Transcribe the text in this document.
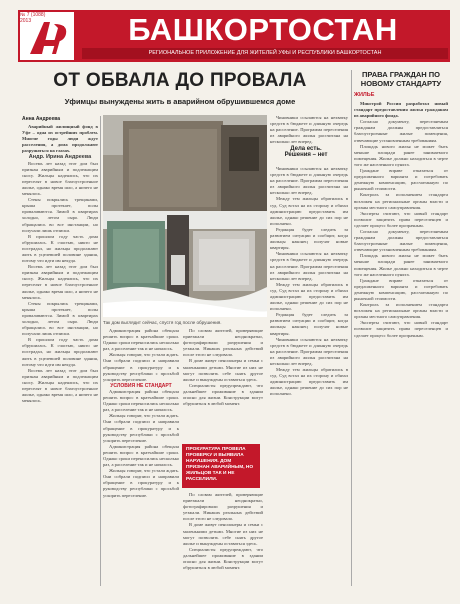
БАШКОРТОСТАН
РЕГИОНАЛЬНОЕ ПРИЛОЖЕНИЕ ДЛЯ ЖИТЕЛЕЙ УФЫ И РЕСПУБЛИКИ БАШКОРТОСТАН
№ 7 (1088)
2013
ОТ ОБВАЛА ДО ПРОВАЛА
Уфимцы вынуждены жить в аварийном обрушившемся доме
Анна Андреева

Аварийный жилищный фонд в Уфе – одна из острейших проблем. Многие годы люди ждут расселения, а дома продолжают разрушаться на глазах.

Андр. Ирина Андреева

Восемь лет назад этот дом был признан аварийным и подлежащим сносу. Жильцы надеялись, что их переселят в новое благоустроенное жилье, однако время шло, а ничего не менялось.

Стены покрылись трещинами, крыша протекает, полы проваливаются. Зимой в квартирах холодно, летом сыро. Люди обращались во все инстанции, но получали лишь отписки.

В прошлом году часть дома обрушилась. К счастью, никто не пострадал, но жильцы продолжают жить в уцелевшей половине здания, потому что идти им некуда.

Восемь лет назад этот дом был признан аварийным и подлежащим сносу. Жильцы надеялись, что их переселят в новое благоустроенное жилье, однако время шло, а ничего не менялось.

Стены покрылись трещинами, крыша протекает, полы проваливаются. Зимой в квартирах холодно, летом сыро. Люди обращались во все инстанции, но получали лишь отписки.

В прошлом году часть дома обрушилась. К счастью, никто не пострадал, но жильцы продолжают жить в уцелевшей половине здания, потому что идти им некуда.

Восемь лет назад этот дом был признан аварийным и подлежащим сносу. Жильцы надеялись, что их переселят в новое благоустроенное жилье, однако время шло, а ничего не менялось.

Так дом выглядит сейчас, спустя год после обрушения.

Администрация района обещала решить вопрос в кратчайшие сроки. Однако сроки переносились несколько раз, а расселение так и не началось.

Жильцы говорят, что устали ждать. Они собрали подписи и направили обращение в прокуратуру и к руководству республики с просьбой ускорить переселение.

УСЛОВИЯ НЕ СТАНДАРТ

Администрация района обещала решить вопрос в кратчайшие сроки. Однако сроки переносились несколько раз, а расселение так и не началось.

Жильцы говорят, что устали ждать. Они собрали подписи и направили обращение в прокуратуру и к руководству республики с просьбой ускорить переселение.

Администрация района обещала решить вопрос в кратчайшие сроки. Однако сроки переносились несколько раз, а расселение так и не началось.

Жильцы говорят, что устали ждать. Они собрали подписи и направили обращение в прокуратуру и к руководству республики с просьбой ускорить переселение.

По словам жителей, проверяющие приезжали неоднократно, фотографировали разрушения и уезжали. Никаких реальных действий после этого не следовало.

В доме живут пенсионеры и семьи с маленькими детьми. Многие из них не могут позволить себе снять другое жилье и вынуждены оставаться здесь.

Специалисты предупреждают, что дальнейшее проживание в здании опасно для жизни. Конструкции могут обрушиться в любой момент.

ПРОКУРАТУРА ПРОВЕЛА ПРОВЕРКУ И ВЫЯВИЛА НАРУШЕНИЯ. ДОМ ПРИЗНАН АВАРИЙНЫМ, НО ЖИЛЬЦОВ ТАК И НЕ РАССЕЛИЛИ.

По словам жителей, проверяющие приезжали неоднократно, фотографировали разрушения и уезжали. Никаких реальных действий после этого не следовало.

В доме живут пенсионеры и семьи с маленькими детьми. Многие из них не могут позволить себе снять другое жилье и вынуждены оставаться здесь.

Специалисты предупреждают, что дальнейшее проживание в здании опасно для жизни. Конструкции могут обрушиться в любой момент.

Чиновники ссылаются на нехватку средств в бюджете и длинную очередь на расселение. Программа переселения из аварийного жилья рассчитана на несколько лет вперед.

Дела есть.
Решения – нет

Чиновники ссылаются на нехватку средств в бюджете и длинную очередь на расселение. Программа переселения из аварийного жилья рассчитана на несколько лет вперед.

Между тем жильцы обратились в суд. Суд встал на их сторону и обязал администрацию предоставить им жилье, однако решение до сих пор не исполнено.

Редакция будет следить за развитием ситуации и сообщит, когда жильцы наконец получат новые квартиры.

Чиновники ссылаются на нехватку средств в бюджете и длинную очередь на расселение. Программа переселения из аварийного жилья рассчитана на несколько лет вперед.

Между тем жильцы обратились в суд. Суд встал на их сторону и обязал администрацию предоставить им жилье, однако решение до сих пор не исполнено.

Редакция будет следить за развитием ситуации и сообщит, когда жильцы наконец получат новые квартиры.

Чиновники ссылаются на нехватку средств в бюджете и длинную очередь на расселение. Программа переселения из аварийного жилья рассчитана на несколько лет вперед.

Между тем жильцы обратились в суд. Суд встал на их сторону и обязал администрацию предоставить им жилье, однако решение до сих пор не исполнено.

ПРАВА ГРАЖДАН ПО НОВОМУ СТАНДАРТУ
ЖИЛЬЕ

Минстрой России разработал новый стандарт предоставления жилья гражданам из аварийного фонда.

Согласно документу, переселяемым гражданам должны предоставляться благоустроенные жилые помещения, отвечающие установленным требованиям.

Площадь нового жилья не может быть меньше площади ранее занимаемого помещения. Жилье должно находиться в черте того же населенного пункта.

Граждане вправе отказаться от предложенного варианта и потребовать денежную компенсацию, рассчитанную по рыночной стоимости.

Контроль за исполнением стандарта возложен на региональные органы власти и органы местного самоуправления.

Эксперты считают, что новый стандарт позволит защитить права переселенцев и сделает процесс более прозрачным.

Согласно документу, переселяемым гражданам должны предоставляться благоустроенные жилые помещения, отвечающие установленным требованиям.

Площадь нового жилья не может быть меньше площади ранее занимаемого помещения. Жилье должно находиться в черте того же населенного пункта.

Граждане вправе отказаться от предложенного варианта и потребовать денежную компенсацию, рассчитанную по рыночной стоимости.

Контроль за исполнением стандарта возложен на региональные органы власти и органы местного самоуправления.

Эксперты считают, что новый стандарт позволит защитить права переселенцев и сделает процесс более прозрачным.
